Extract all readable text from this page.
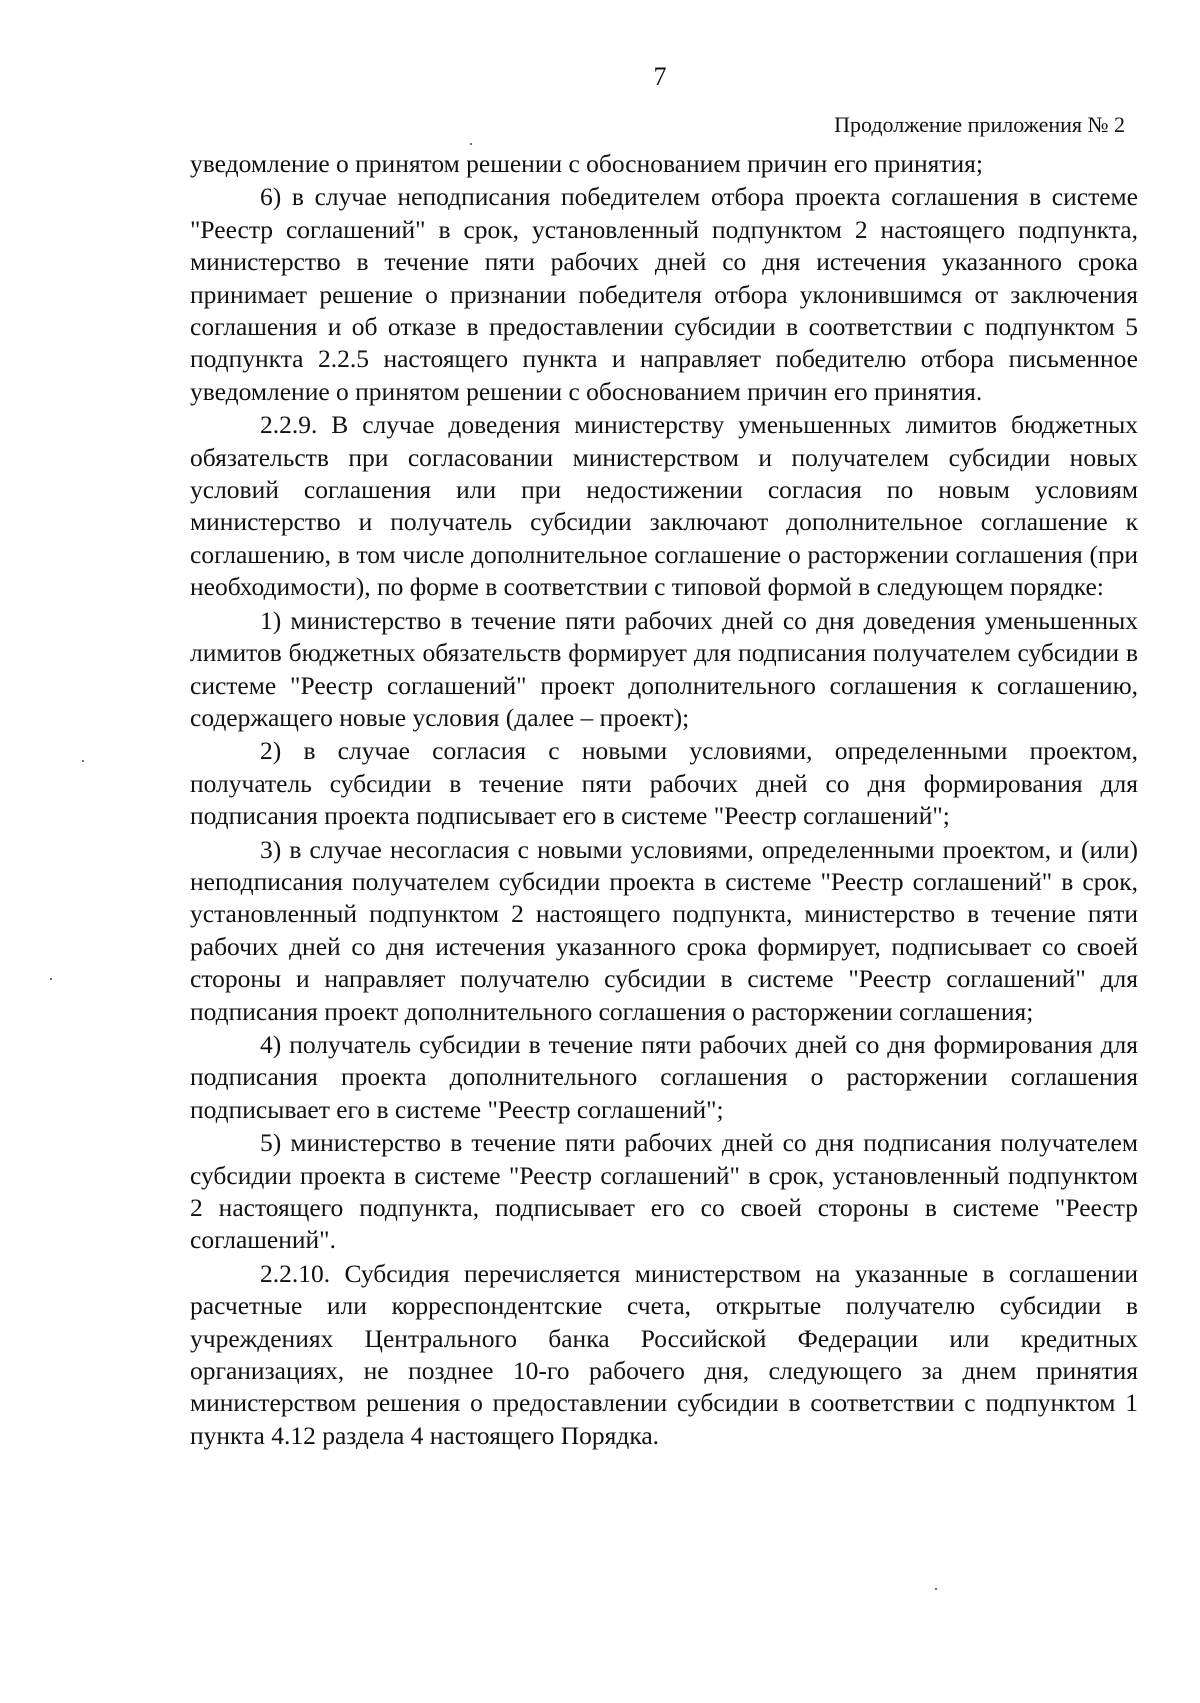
7
Продолжение приложения № 2

уведомление о принятом решении с обоснованием причин его принятия;

6) в случае неподписания победителем отбора проекта соглашения в системе "Реестр соглашений" в срок, установленный подпунктом 2 настоящего подпункта, министерство в течение пяти рабочих дней со дня истечения указанного срока принимает решение о признании победителя отбора уклонившимся от заключения соглашения и об отказе в предоставлении субсидии в соответствии с подпунктом 5 подпункта 2.2.5 настоящего пункта и направляет победителю отбора письменное уведомление о принятом решении с обоснованием причин его принятия.

2.2.9. В случае доведения министерству уменьшенных лимитов бюджетных обязательств при согласовании министерством и получателем субсидии новых условий соглашения или при недостижении согласия по новым условиям министерство и получатель субсидии заключают дополнительное соглашение к соглашению, в том числе дополнительное соглашение о расторжении соглашения (при необходимости), по форме в соответствии с типовой формой в следующем порядке:

1) министерство в течение пяти рабочих дней со дня доведения уменьшенных лимитов бюджетных обязательств формирует для подписания получателем субсидии в системе "Реестр соглашений" проект дополнительного соглашения к соглашению, содержащего новые условия (далее – проект);

2) в случае согласия с новыми условиями, определенными проектом, получатель субсидии в течение пяти рабочих дней со дня формирования для подписания проекта подписывает его в системе "Реестр соглашений";

3) в случае несогласия с новыми условиями, определенными проектом, и (или) неподписания получателем субсидии проекта в системе "Реестр соглашений" в срок, установленный подпунктом 2 настоящего подпункта, министерство в течение пяти рабочих дней со дня истечения указанного срока формирует, подписывает со своей стороны и направляет получателю субсидии в системе "Реестр соглашений" для подписания проект дополнительного соглашения о расторжении соглашения;

4) получатель субсидии в течение пяти рабочих дней со дня формирования для подписания проекта дополнительного соглашения о расторжении соглашения подписывает его в системе "Реестр соглашений";

5) министерство в течение пяти рабочих дней со дня подписания получателем субсидии проекта в системе "Реестр соглашений" в срок, установленный подпунктом 2 настоящего подпункта, подписывает его со своей стороны в системе "Реестр соглашений".

2.2.10. Субсидия перечисляется министерством на указанные в соглашении расчетные или корреспондентские счета, открытые получателю субсидии в учреждениях Центрального банка Российской Федерации или кредитных организациях, не позднее 10-го рабочего дня, следующего за днем принятия министерством решения о предоставлении субсидии в соответствии с подпунктом 1 пункта 4.12 раздела 4 настоящего Порядка.
